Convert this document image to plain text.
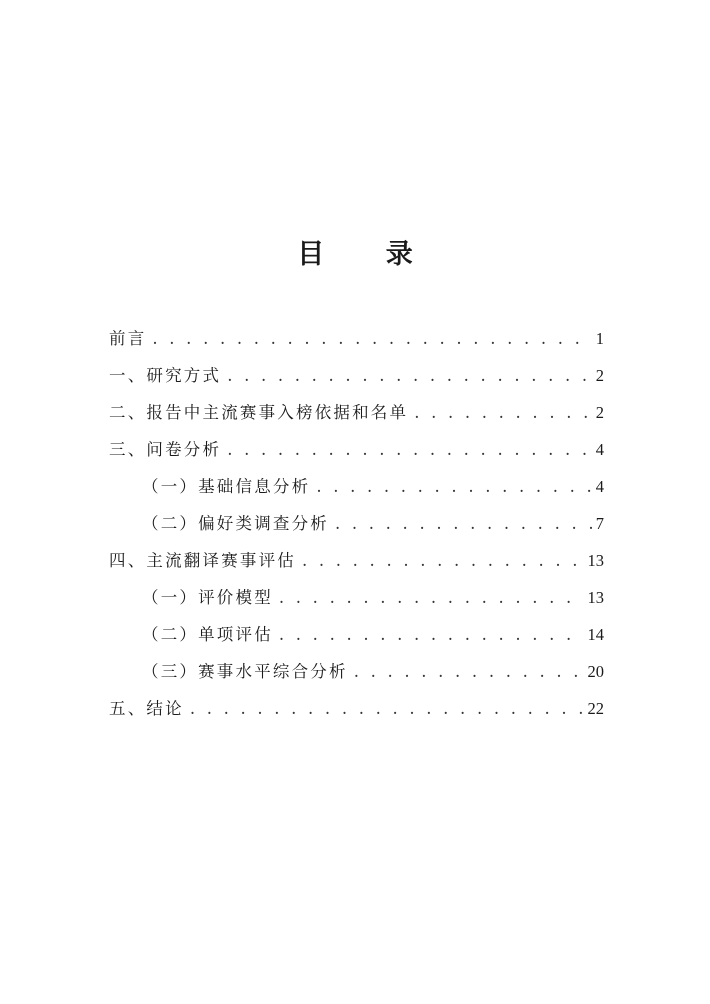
目 录
前言 . . .	1
一、研究方式 . . .	2
二、报告中主流赛事入榜依据和名单 . . .	2
三、问卷分析 . . .	4
（一）基础信息分析 . . .	4
（二）偏好类调查分析 . . .	7
四、主流翻译赛事评估 . . .	13
（一）评价模型 . . .	13
（二）单项评估 . . .	14
（三）赛事水平综合分析 . . .	20
五、结论 . . .	22
